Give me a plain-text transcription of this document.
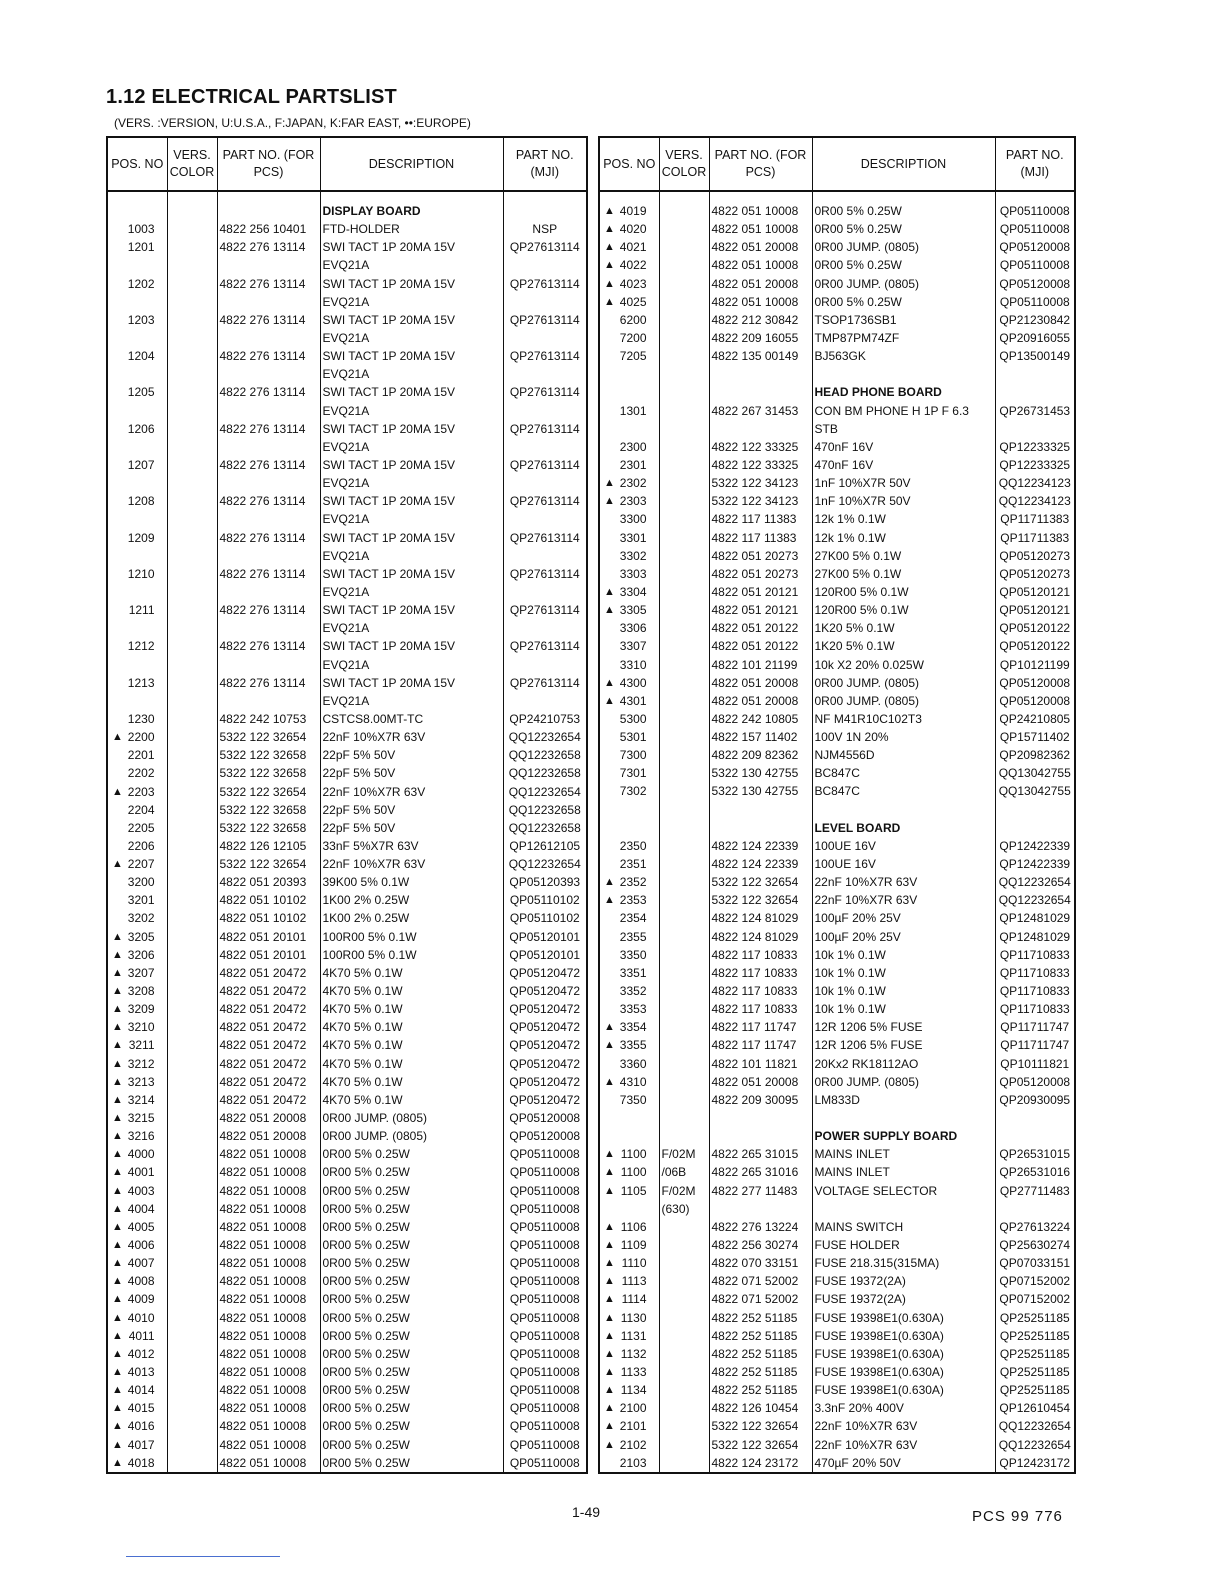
1.12 ELECTRICAL PARTSLIST
(VERS. :VERSION, U:U.S.A., F:JAPAN, K:FAR EAST, ••:EUROPE)
POS. NO	VERS. COLOR	PART NO. (FOR PCS)	DESCRIPTION	PART NO. (MJI)

			DISPLAY BOARD	
1003		4822 256 10401	FTD-HOLDER	NSP
1201		4822 276 13114	SWI TACT 1P 20MA 15V	QP27613114
			EVQ21A	
1202		4822 276 13114	SWI TACT 1P 20MA 15V	QP27613114
			EVQ21A	
1203		4822 276 13114	SWI TACT 1P 20MA 15V	QP27613114
			EVQ21A	
1204		4822 276 13114	SWI TACT 1P 20MA 15V	QP27613114
			EVQ21A	
1205		4822 276 13114	SWI TACT 1P 20MA 15V	QP27613114
			EVQ21A	
1206		4822 276 13114	SWI TACT 1P 20MA 15V	QP27613114
			EVQ21A	
1207		4822 276 13114	SWI TACT 1P 20MA 15V	QP27613114
			EVQ21A	
1208		4822 276 13114	SWI TACT 1P 20MA 15V	QP27613114
			EVQ21A	
1209		4822 276 13114	SWI TACT 1P 20MA 15V	QP27613114
			EVQ21A	
1210		4822 276 13114	SWI TACT 1P 20MA 15V	QP27613114
			EVQ21A	
1211		4822 276 13114	SWI TACT 1P 20MA 15V	QP27613114
			EVQ21A	
1212		4822 276 13114	SWI TACT 1P 20MA 15V	QP27613114
			EVQ21A	
1213		4822 276 13114	SWI TACT 1P 20MA 15V	QP27613114
			EVQ21A	
1230		4822 242 10753	CSTCS8.00MT-TC	QP24210753
▲ 2200		5322 122 32654	22nF 10%X7R 63V	QQ12232654
2201		5322 122 32658	22pF 5% 50V	QQ12232658
2202		5322 122 32658	22pF 5% 50V	QQ12232658
▲ 2203		5322 122 32654	22nF 10%X7R 63V	QQ12232654
2204		5322 122 32658	22pF 5% 50V	QQ12232658
2205		5322 122 32658	22pF 5% 50V	QQ12232658
2206		4822 126 12105	33nF 5%X7R 63V	QP12612105
▲ 2207		5322 122 32654	22nF 10%X7R 63V	QQ12232654
3200		4822 051 20393	39K00 5% 0.1W	QP05120393
3201		4822 051 10102	1K00 2% 0.25W	QP05110102
3202		4822 051 10102	1K00 2% 0.25W	QP05110102
▲ 3205		4822 051 20101	100R00 5% 0.1W	QP05120101
▲ 3206		4822 051 20101	100R00 5% 0.1W	QP05120101
▲ 3207		4822 051 20472	4K70 5% 0.1W	QP05120472
▲ 3208		4822 051 20472	4K70 5% 0.1W	QP05120472
▲ 3209		4822 051 20472	4K70 5% 0.1W	QP05120472
▲ 3210		4822 051 20472	4K70 5% 0.1W	QP05120472
▲ 3211		4822 051 20472	4K70 5% 0.1W	QP05120472
▲ 3212		4822 051 20472	4K70 5% 0.1W	QP05120472
▲ 3213		4822 051 20472	4K70 5% 0.1W	QP05120472
▲ 3214		4822 051 20472	4K70 5% 0.1W	QP05120472
▲ 3215		4822 051 20008	0R00 JUMP. (0805)	QP05120008
▲ 3216		4822 051 20008	0R00 JUMP. (0805)	QP05120008
▲ 4000		4822 051 10008	0R00 5% 0.25W	QP05110008
▲ 4001		4822 051 10008	0R00 5% 0.25W	QP05110008
▲ 4003		4822 051 10008	0R00 5% 0.25W	QP05110008
▲ 4004		4822 051 10008	0R00 5% 0.25W	QP05110008
▲ 4005		4822 051 10008	0R00 5% 0.25W	QP05110008
▲ 4006		4822 051 10008	0R00 5% 0.25W	QP05110008
▲ 4007		4822 051 10008	0R00 5% 0.25W	QP05110008
▲ 4008		4822 051 10008	0R00 5% 0.25W	QP05110008
▲ 4009		4822 051 10008	0R00 5% 0.25W	QP05110008
▲ 4010		4822 051 10008	0R00 5% 0.25W	QP05110008
▲ 4011		4822 051 10008	0R00 5% 0.25W	QP05110008
▲ 4012		4822 051 10008	0R00 5% 0.25W	QP05110008
▲ 4013		4822 051 10008	0R00 5% 0.25W	QP05110008
▲ 4014		4822 051 10008	0R00 5% 0.25W	QP05110008
▲ 4015		4822 051 10008	0R00 5% 0.25W	QP05110008
▲ 4016		4822 051 10008	0R00 5% 0.25W	QP05110008
▲ 4017		4822 051 10008	0R00 5% 0.25W	QP05110008
▲ 4018		4822 051 10008	0R00 5% 0.25W	QP05110008
POS. NO	VERS. COLOR	PART NO. (FOR PCS)	DESCRIPTION	PART NO. (MJI)

▲ 4019		4822 051 10008	0R00 5% 0.25W	QP05110008
▲ 4020		4822 051 10008	0R00 5% 0.25W	QP05110008
▲ 4021		4822 051 20008	0R00 JUMP. (0805)	QP05120008
▲ 4022		4822 051 10008	0R00 5% 0.25W	QP05110008
▲ 4023		4822 051 20008	0R00 JUMP. (0805)	QP05120008
▲ 4025		4822 051 10008	0R00 5% 0.25W	QP05110008
6200		4822 212 30842	TSOP1736SB1	QP21230842
7200		4822 209 16055	TMP87PM74ZF	QP20916055
7205		4822 135 00149	BJ563GK	QP13500149

			HEAD PHONE BOARD	
1301		4822 267 31453	CON BM PHONE H 1P F 6.3	QP26731453
			STB	
2300		4822 122 33325	470nF 16V	QP12233325
2301		4822 122 33325	470nF 16V	QP12233325
▲ 2302		5322 122 34123	1nF 10%X7R 50V	QQ12234123
▲ 2303		5322 122 34123	1nF 10%X7R 50V	QQ12234123
3300		4822 117 11383	12k 1% 0.1W	QP11711383
3301		4822 117 11383	12k 1% 0.1W	QP11711383
3302		4822 051 20273	27K00 5% 0.1W	QP05120273
3303		4822 051 20273	27K00 5% 0.1W	QP05120273
▲ 3304		4822 051 20121	120R00 5% 0.1W	QP05120121
▲ 3305		4822 051 20121	120R00 5% 0.1W	QP05120121
3306		4822 051 20122	1K20 5% 0.1W	QP05120122
3307		4822 051 20122	1K20 5% 0.1W	QP05120122
3310		4822 101 21199	10k X2 20% 0.025W	QP10121199
▲ 4300		4822 051 20008	0R00 JUMP. (0805)	QP05120008
▲ 4301		4822 051 20008	0R00 JUMP. (0805)	QP05120008
5300		4822 242 10805	NF M41R10C102T3	QP24210805
5301		4822 157 11402	100V 1N 20%	QP15711402
7300		4822 209 82362	NJM4556D	QP20982362
7301		5322 130 42755	BC847C	QQ13042755
7302		5322 130 42755	BC847C	QQ13042755

			LEVEL BOARD	
2350		4822 124 22339	100UE 16V	QP12422339
2351		4822 124 22339	100UE 16V	QP12422339
▲ 2352		5322 122 32654	22nF 10%X7R 63V	QQ12232654
▲ 2353		5322 122 32654	22nF 10%X7R 63V	QQ12232654
2354		4822 124 81029	100µF 20% 25V	QP12481029
2355		4822 124 81029	100µF 20% 25V	QP12481029
3350		4822 117 10833	10k 1% 0.1W	QP11710833
3351		4822 117 10833	10k 1% 0.1W	QP11710833
3352		4822 117 10833	10k 1% 0.1W	QP11710833
3353		4822 117 10833	10k 1% 0.1W	QP11710833
▲ 3354		4822 117 11747	12R 1206 5% FUSE	QP11711747
▲ 3355		4822 117 11747	12R 1206 5% FUSE	QP11711747
3360		4822 101 11821	20Kx2 RK18112AO	QP10111821
▲ 4310		4822 051 20008	0R00 JUMP. (0805)	QP05120008
7350		4822 209 30095	LM833D	QP20930095

			POWER SUPPLY BOARD	
▲ 1100	F/02M	4822 265 31015	MAINS INLET	QP26531015
▲ 1100	/06B	4822 265 31016	MAINS INLET	QP26531016
▲ 1105	F/02M	4822 277 11483	VOLTAGE SELECTOR	QP27711483
	(630)			
▲ 1106		4822 276 13224	MAINS SWITCH	QP27613224
▲ 1109		4822 256 30274	FUSE HOLDER	QP25630274
▲ 1110		4822 070 33151	FUSE 218.315(315MA)	QP07033151
▲ 1113		4822 071 52002	FUSE 19372(2A)	QP07152002
▲ 1114		4822 071 52002	FUSE 19372(2A)	QP07152002
▲ 1130		4822 252 51185	FUSE 19398E1(0.630A)	QP25251185
▲ 1131		4822 252 51185	FUSE 19398E1(0.630A)	QP25251185
▲ 1132		4822 252 51185	FUSE 19398E1(0.630A)	QP25251185
▲ 1133		4822 252 51185	FUSE 19398E1(0.630A)	QP25251185
▲ 1134		4822 252 51185	FUSE 19398E1(0.630A)	QP25251185
▲ 2100		4822 126 10454	3.3nF 20% 400V	QP12610454
▲ 2101		5322 122 32654	22nF 10%X7R 63V	QQ12232654
▲ 2102		5322 122 32654	22nF 10%X7R 63V	QQ12232654
2103		4822 124 23172	470µF 20% 50V	QP12423172
1-49	PCS 99 776
